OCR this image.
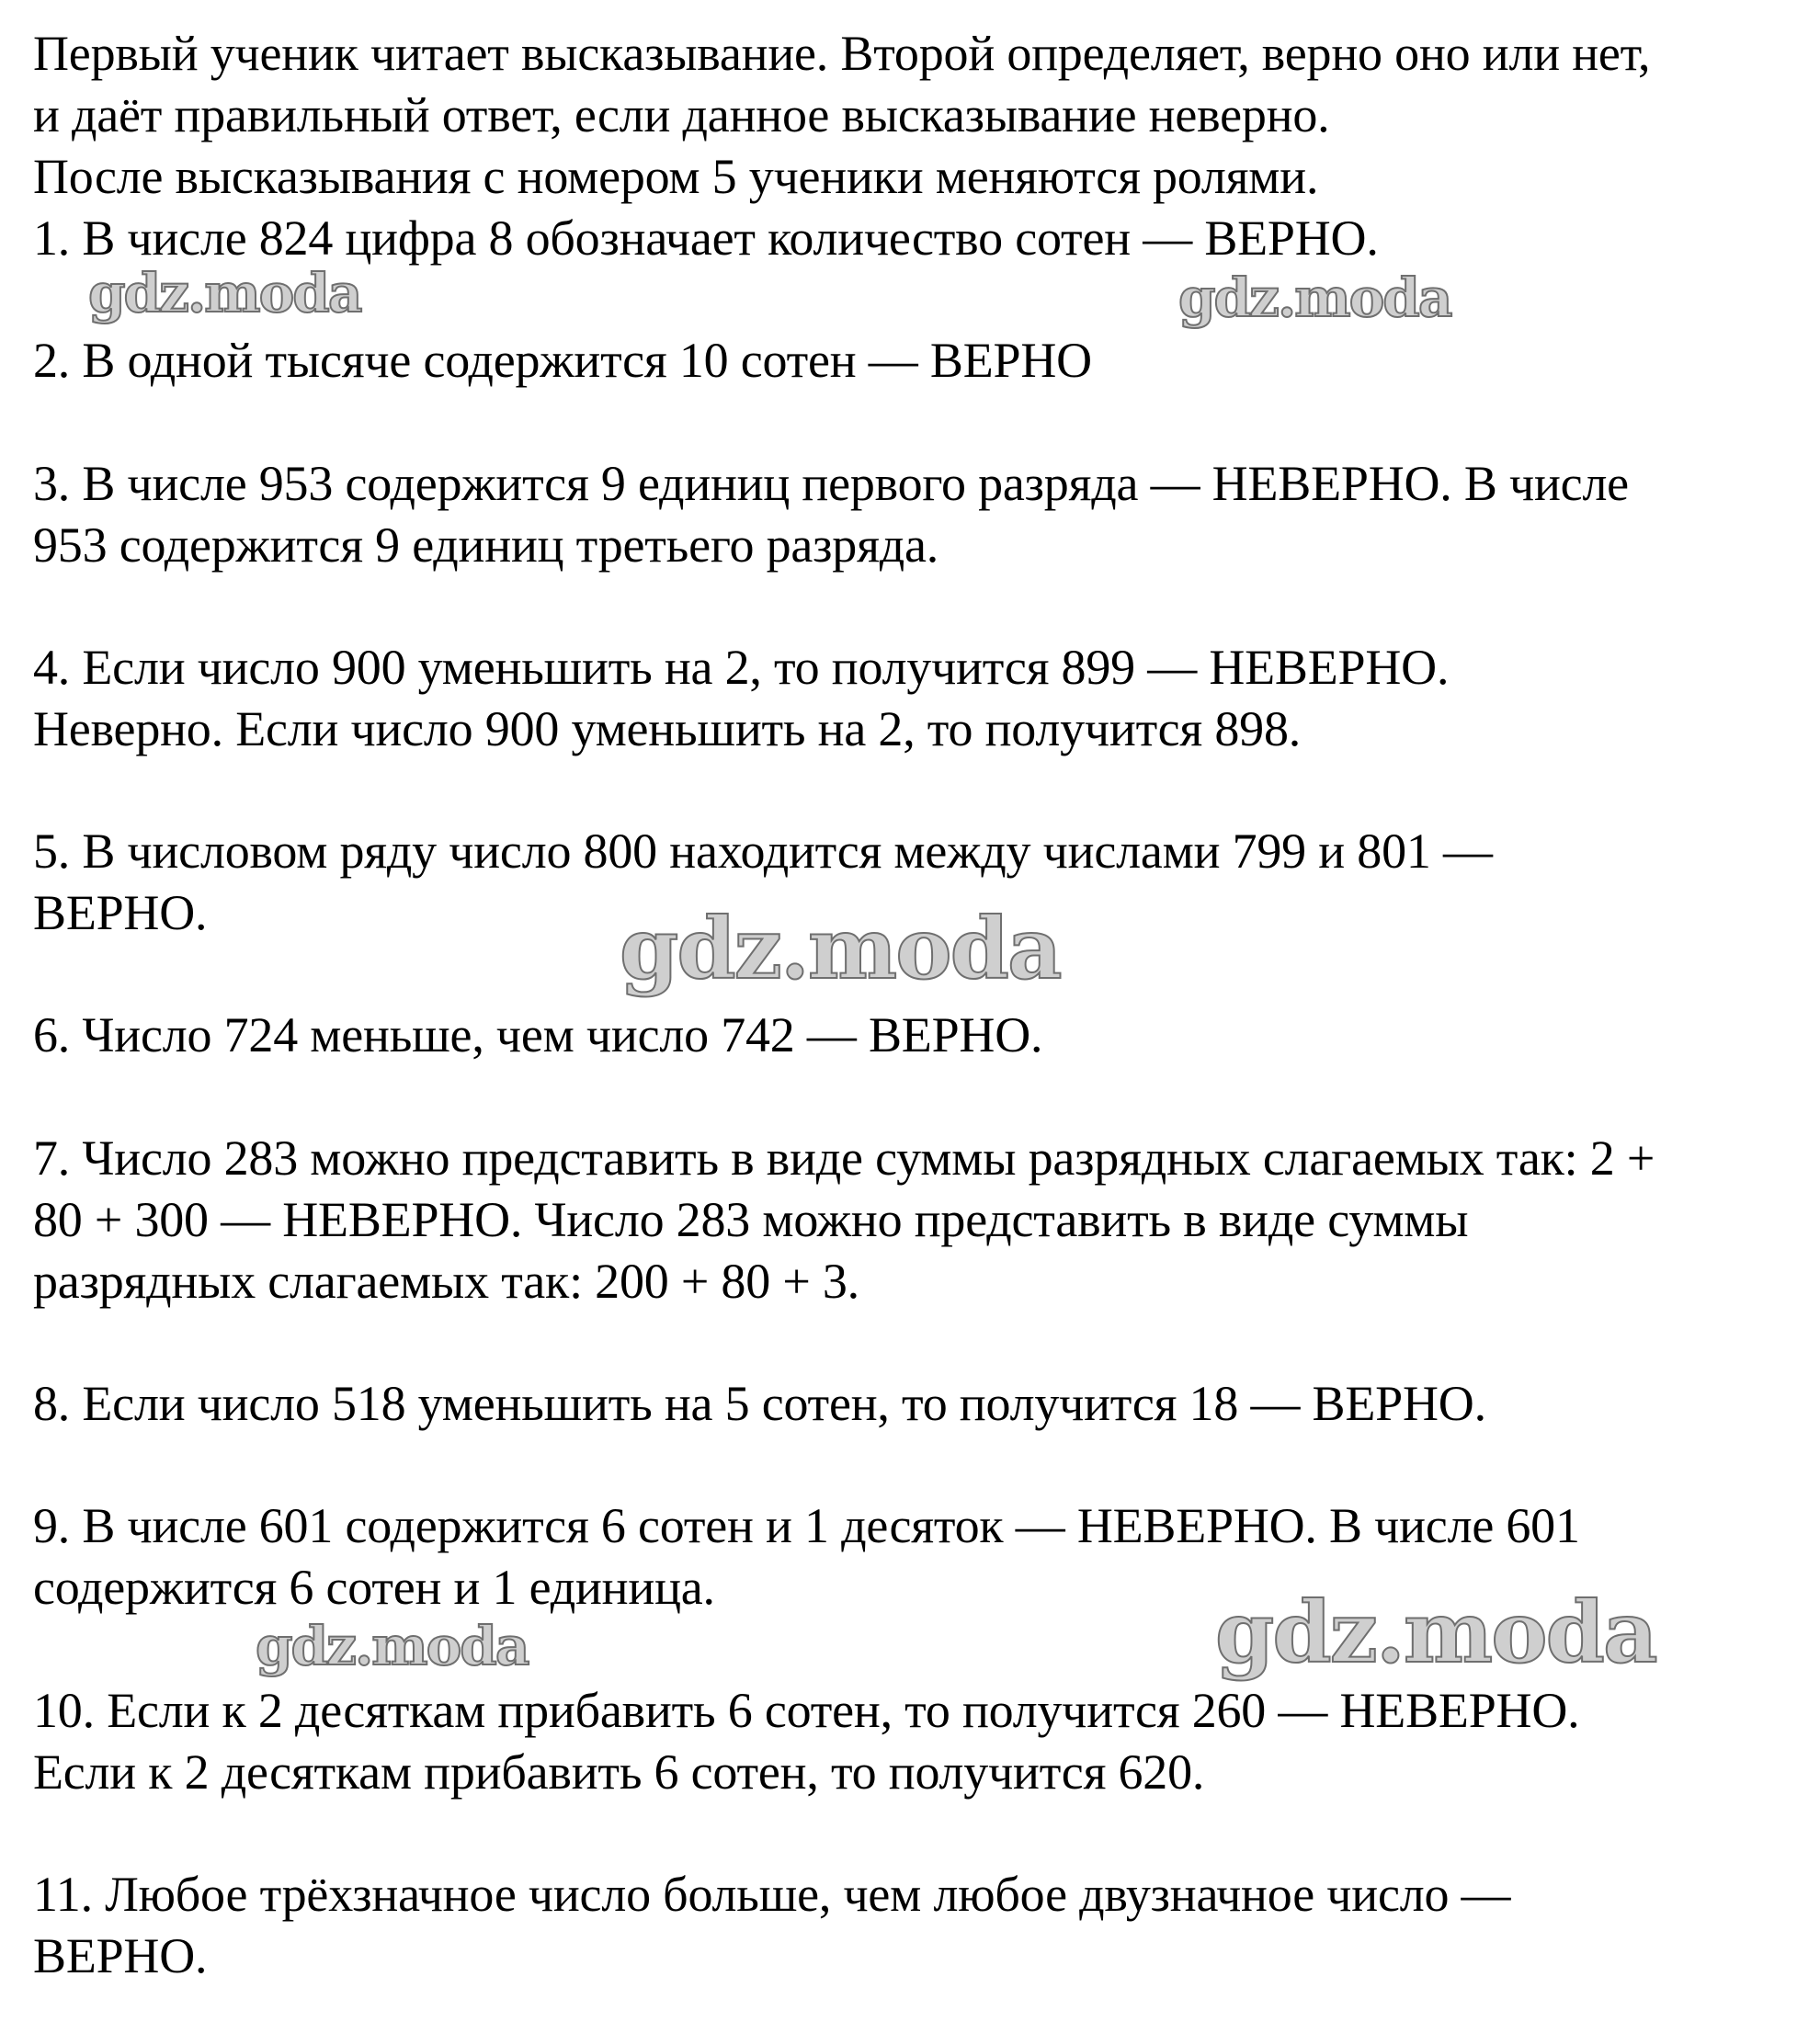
Первый ученик читает высказывание. Второй определяет, верно оно или нет,

и даёт правильный ответ, если данное высказывание неверно.

После высказывания с номером 5 ученики меняются ролями.

1. В числе 824 цифра 8 обозначает количество сотен — ВЕРНО.

2. В одной тысяче содержится 10 сотен — ВЕРНО

3. В числе 953 содержится 9 единиц первого разряда — НЕВЕРНО. В числе

953 содержится 9 единиц третьего разряда.

4. Если число 900 уменьшить на 2, то получится 899 — НЕВЕРНО.

Неверно. Если число 900 уменьшить на 2, то получится 898.

5. В числовом ряду число 800 находится между числами 799 и 801 —

ВЕРНО.

6. Число 724 меньше, чем число 742 — ВЕРНО.

7. Число 283 можно представить в виде суммы разрядных слагаемых так: 2 +

80 + 300 — НЕВЕРНО. Число 283 можно представить в виде суммы

разрядных слагаемых так: 200 + 80 + 3.

8. Если число 518 уменьшить на 5 сотен, то получится 18 — ВЕРНО.

9. В числе 601 содержится 6 сотен и 1 десяток — НЕВЕРНО. В числе 601

содержится 6 сотен и 1 единица.

10. Если к 2 десяткам прибавить 6 сотен, то получится 260 — НЕВЕРНО.

Если к 2 десяткам прибавить 6 сотен, то получится 620.

11. Любое трёхзначное число больше, чем любое двузначное число —

ВЕРНО.

gdz.moda	gdz.moda
gdz.moda
gdz.moda	gdz.moda
